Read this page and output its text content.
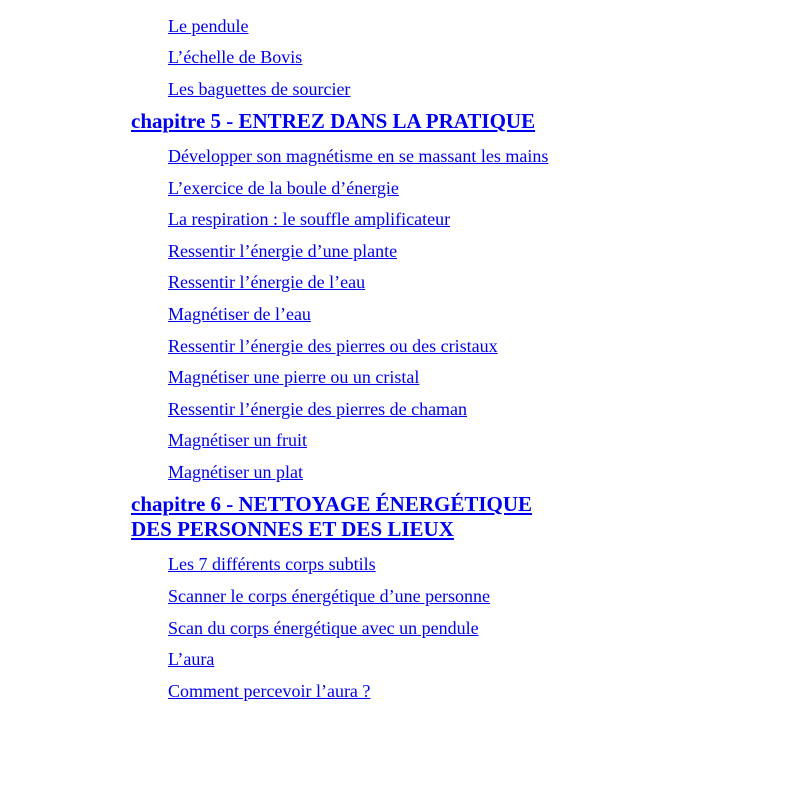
Le pendule
L’échelle de Bovis
Les baguettes de sourcier
chapitre 5 - ENTREZ DANS LA PRATIQUE
Développer son magnétisme en se massant les mains
L’exercice de la boule d’énergie
La respiration : le souffle amplificateur
Ressentir l’énergie d’une plante
Ressentir l’énergie de l’eau
Magnétiser de l’eau
Ressentir l’énergie des pierres ou des cristaux
Magnétiser une pierre ou un cristal
Ressentir l’énergie des pierres de chaman
Magnétiser un fruit
Magnétiser un plat
chapitre 6 - NETTOYAGE ÉNERGÉTIQUE
DES PERSONNES ET DES LIEUX
Les 7 différents corps subtils
Scanner le corps énergétique d’une personne
Scan du corps énergétique avec un pendule
L’aura
Comment percevoir l’aura ?
